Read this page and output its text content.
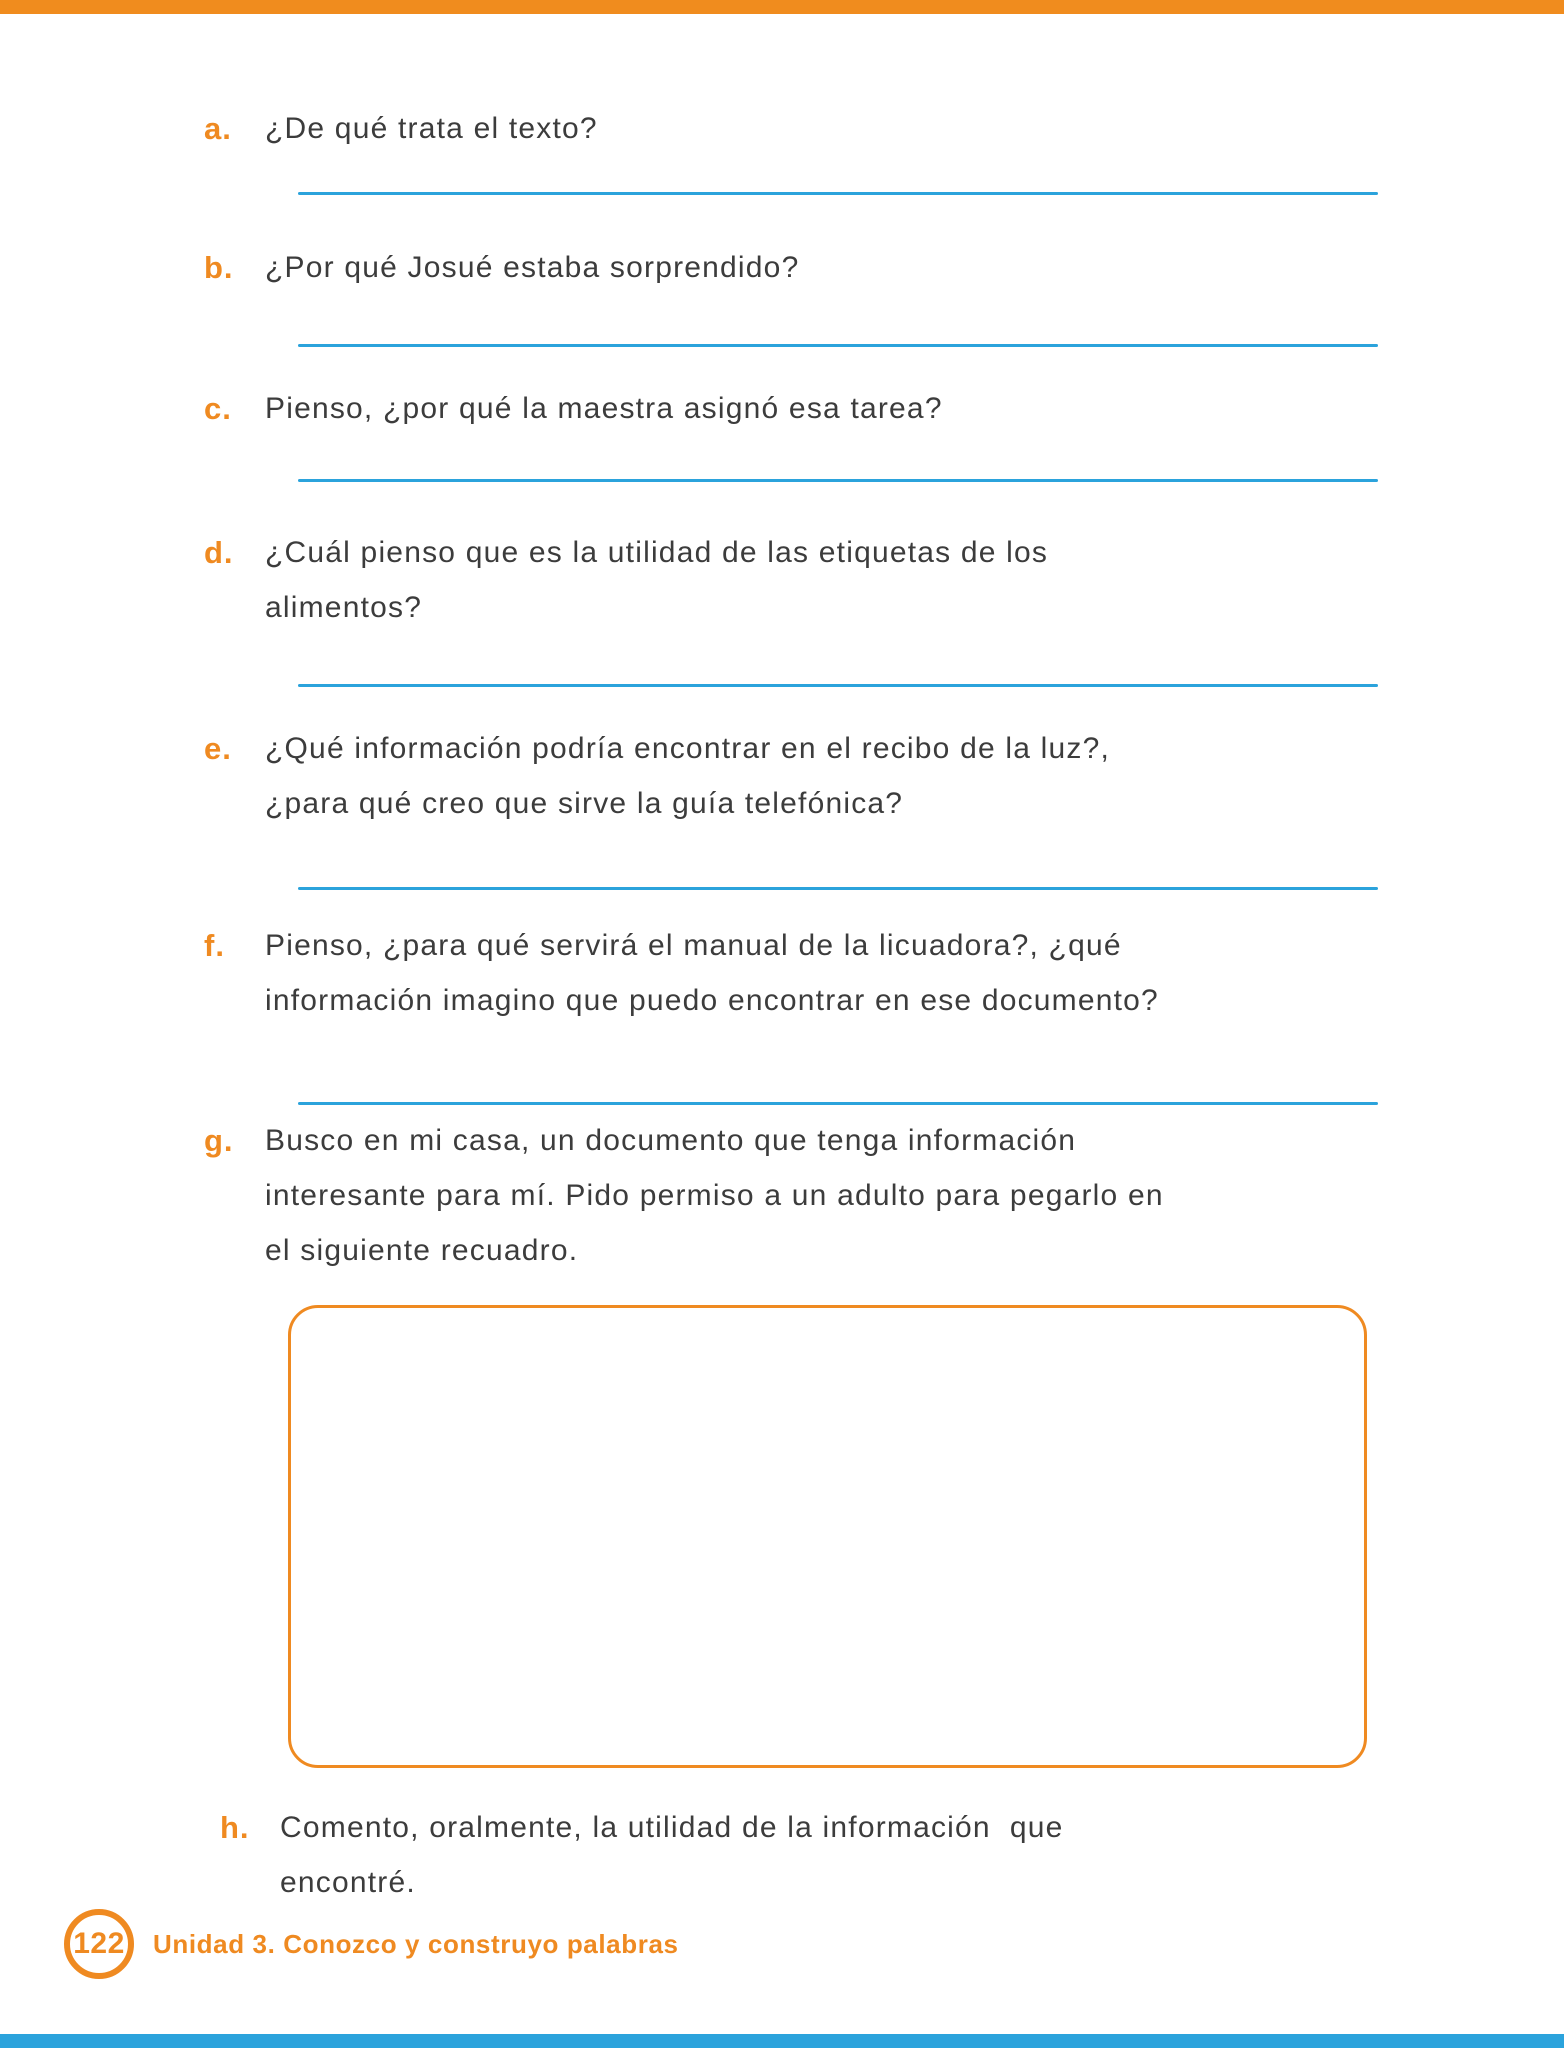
a. ¿De qué trata el texto?
b. ¿Por qué Josué estaba sorprendido?
c. Pienso, ¿por qué la maestra asignó esa tarea?
d. ¿Cuál pienso que es la utilidad de las etiquetas de los
alimentos?
e. ¿Qué información podría encontrar en el recibo de la luz?,
¿para qué creo que sirve la guía telefónica?
f. Pienso, ¿para qué servirá el manual de la licuadora?, ¿qué
información imagino que puedo encontrar en ese documento?
g. Busco en mi casa, un documento que tenga información
interesante para mí. Pido permiso a un adulto para pegarlo en
el siguiente recuadro.
h. Comento, oralmente, la utilidad de la información  que
encontré.
122 Unidad 3. Conozco y construyo palabras
